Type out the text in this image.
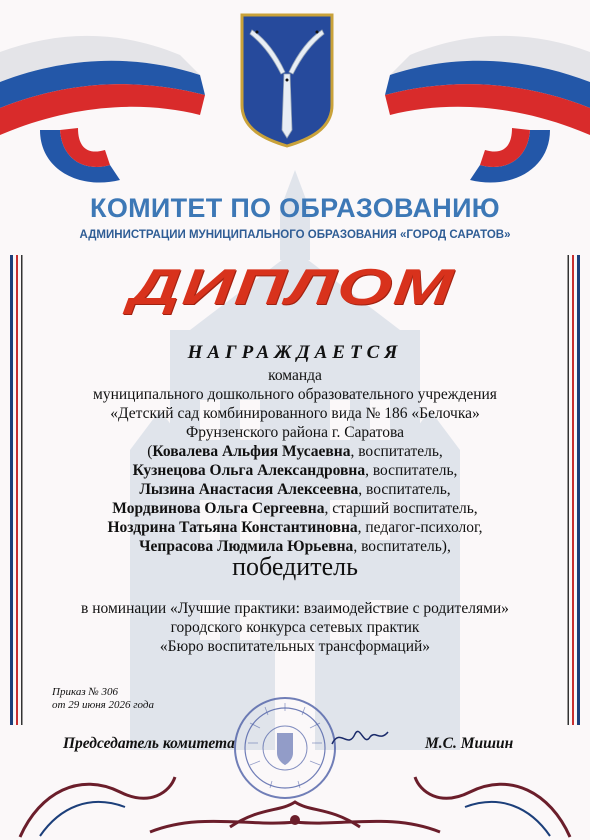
КОМИТЕТ ПО ОБРАЗОВАНИЮ
АДМИНИСТРАЦИИ МУНИЦИПАЛЬНОГО ОБРАЗОВАНИЯ «ГОРОД САРАТОВ»
ДИПЛОМ
НАГРАЖДАЕТСЯ
команда
муниципального дошкольного образовательного учреждения
«Детский сад комбинированного вида № 186 «Белочка»
Фрунзенского района г. Саратова
(Ковалева Альфия Мусаевна, воспитатель,
Кузнецова Ольга Александровна, воспитатель,
Лызина Анастасия Алексеевна, воспитатель,
Мордвинова Ольга Сергеевна, старший воспитатель,
Ноздрина Татьяна Константиновна, педагог-психолог,
Чепрасова Людмила Юрьевна, воспитатель),
победитель
в номинации «Лучшие практики: взаимодействие с родителями»
городского конкурса сетевых практик
«Бюро воспитательных трансформаций»
Приказ № 306
от 29 июня 2026 года
Председатель комитета	М.С. Мишин
